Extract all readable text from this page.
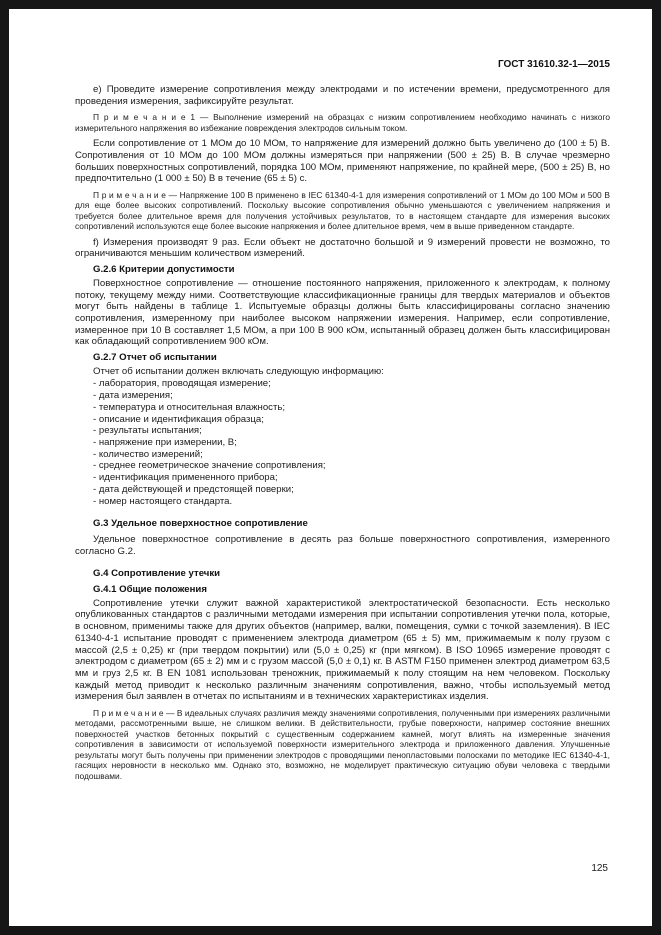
ГОСТ 31610.32-1—2015

е) Проведите измерение сопротивления между электродами и по истечении времени, предусмотренного для проведения измерения, зафиксируйте результат.

П р и м е ч а н и е 1 — Выполнение измерений на образцах с низким сопротивлением необходимо начинать с низкого измерительного напряжения во избежание повреждения электродов сильным током.

Если сопротивление от 1 МОм до 10 МОм, то напряжение для измерений должно быть увеличено до (100 ± 5) В. Сопротивления от 10 МОм до 100 МОм должны измеряться при напряжении (500 ± 25) В. В случае чрезмерно больших поверхностных сопротивлений, порядка 100 МОм, применяют напряжение, по крайней мере, (500 ± 25) В, но предпочтительно (1 000 ± 50) В в течение (65 ± 5) с.

П р и м е ч а н и е — Напряжение 100 В применено в IEC 61340-4-1 для измерения сопротивлений от 1 МОм до 100 МОм и 500 В для еще более высоких сопротивлений. Поскольку высокие сопротивления обычно уменьшаются с увеличением напряжения и требуется более длительное время для получения устойчивых результатов, то в настоящем стандарте для измерения высоких сопротивлений используются еще более высокие напряжения и более длительное время, чем в выше приведенном стандарте.

f) Измерения производят 9 раз. Если объект не достаточно большой и 9 измерений провести не возможно, то ограничиваются меньшим количеством измерений.

G.2.6 Критерии допустимости

Поверхностное сопротивление — отношение постоянного напряжения, приложенного к электродам, к полному потоку, текущему между ними. Соответствующие классификационные границы для твердых материалов и объектов могут быть найдены в таблице 1. Испытуемые образцы должны быть классифицированы согласно значению сопротивления, измеренному при наиболее высоком напряжении измерения. Например, если сопротивление, измеренное при 10 В составляет 1,5 МОм, а при 100 В 900 кОм, испытанный образец должен быть классифицирован как обладающий сопротивлением 900 кОм.

G.2.7 Отчет об испытании

Отчет об испытании должен включать следующую информацию:

- лаборатория, проводящая измерение;

- дата измерения;

- температура и относительная влажность;

- описание и идентификация образца;

- результаты испытания;

- напряжение при измерении, В;

- количество измерений;

- среднее геометрическое значение сопротивления;

- идентификация примененного прибора;

- дата действующей и предстоящей поверки;

- номер настоящего стандарта.

G.3 Удельное поверхностное сопротивление

Удельное поверхностное сопротивление в десять раз больше поверхностного сопротивления, измеренного согласно G.2.

G.4 Сопротивление утечки

G.4.1 Общие положения

Сопротивление утечки служит важной характеристикой электростатической безопасности. Есть несколько опубликованных стандартов с различными методами измерения при испытании сопротивления утечки пола, которые, в основном, применимы также для других объектов (например, валки, помещения, сумки с точкой заземления). В IEC 61340-4-1 испытание проводят с применением электрода диаметром (65 ± 5) мм, прижимаемым к полу грузом с массой (2,5 ± 0,25) кг (при твердом покрытии) или (5,0 ± 0,25) кг (при мягком). В ISO 10965 измерение проводят с электродом с диаметром (65 ± 2) мм и с грузом массой (5,0 ± 0,1) кг. В ASTM F150 применен электрод диаметром 63,5 мм и груз 2,5 кг. В EN 1081 использован треножник, прижимаемый к полу стоящим на нем человеком. Поскольку каждый метод приводит к несколько различным значениям сопротивления, важно, чтобы используемый метод измерения был заявлен в отчетах по испытаниям и в технических характеристиках изделия.

П р и м е ч а н и е — В идеальных случаях различия между значениями сопротивления, полученными при измерениях различными методами, рассмотренными выше, не слишком велики. В действительности, грубые поверхности, например состояние внешних поверхностей участков бетонных покрытий с существенным содержанием камней, могут влиять на измеренные значения сопротивления в зависимости от используемой поверхности измерительного электрода и приложенного давления. Улучшенные результаты могут быть получены при применении электродов с проводящими пенопластовыми полосками по методике IEC 61340-4-1, гасящих неровности в несколько мм. Однако это, возможно, не моделирует практическую ситуацию обуви человека с твердыми подошвами.

125
